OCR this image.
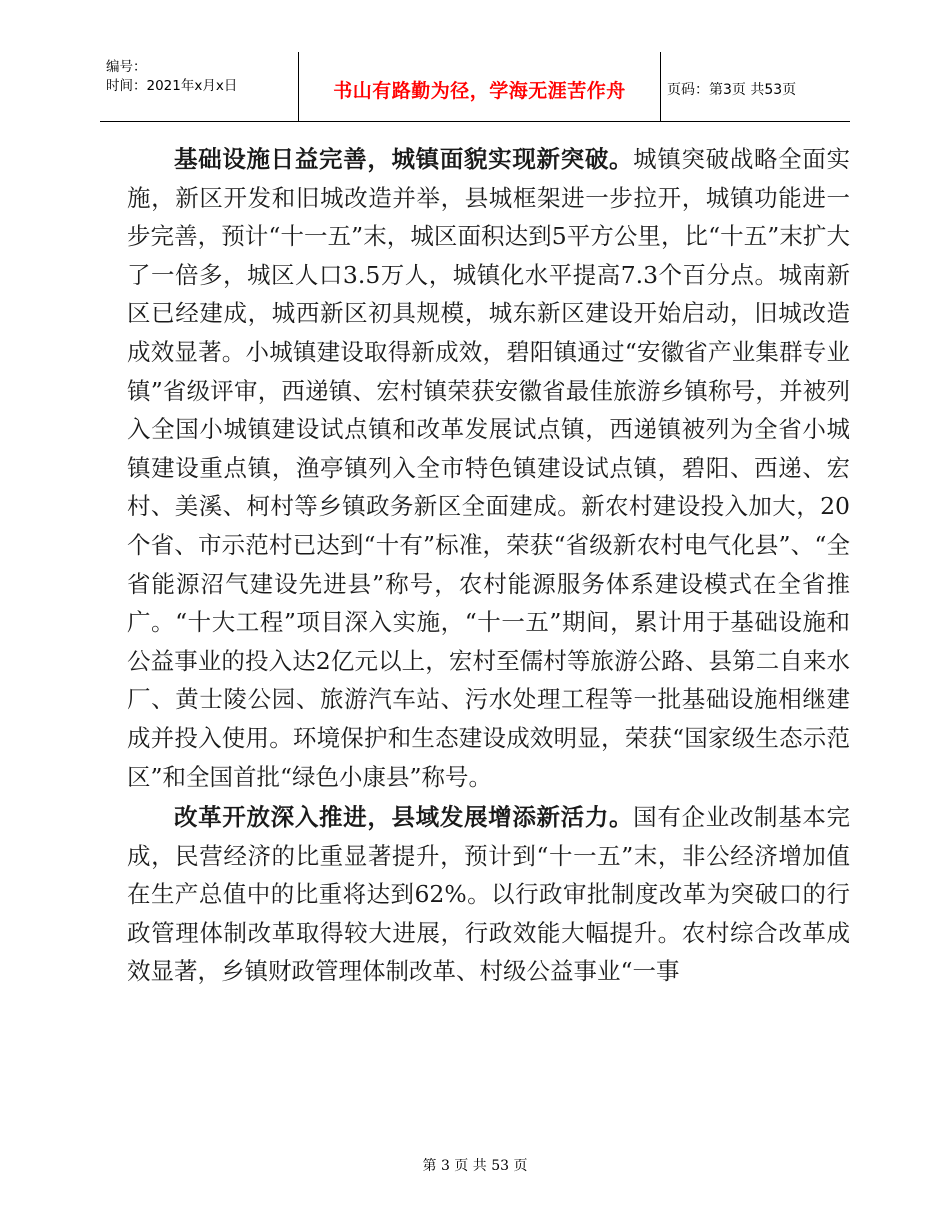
编号：
时间：2021年x月x日	书山有路勤为径，学海无涯苦作舟	页码：第3页 共53页

基础设施日益完善，城镇面貌实现新突破。城镇突破战略全面实施，新区开发和旧城改造并举，县城框架进一步拉开，城镇功能进一步完善，预计“十一五”末，城区面积达到5平方公里，比“十五”末扩大了一倍多，城区人口3.5万人，城镇化水平提高7.3个百分点。城南新区已经建成，城西新区初具规模，城东新区建设开始启动，旧城改造成效显著。小城镇建设取得新成效，碧阳镇通过“安徽省产业集群专业镇”省级评审，西递镇、宏村镇荣获安徽省最佳旅游乡镇称号，并被列入全国小城镇建设试点镇和改革发展试点镇，西递镇被列为全省小城镇建设重点镇，渔亭镇列入全市特色镇建设试点镇，碧阳、西递、宏村、美溪、柯村等乡镇政务新区全面建成。新农村建设投入加大，20个省、市示范村已达到“十有”标准，荣获“省级新农村电气化县”、“全省能源沼气建设先进县”称号，农村能源服务体系建设模式在全省推广。“十大工程”项目深入实施，“十一五”期间，累计用于基础设施和公益事业的投入达2亿元以上，宏村至儒村等旅游公路、县第二自来水厂、黄士陵公园、旅游汽车站、污水处理工程等一批基础设施相继建成并投入使用。环境保护和生态建设成效明显，荣获“国家级生态示范区”和全国首批“绿色小康县”称号。

改革开放深入推进，县域发展增添新活力。国有企业改制基本完成，民营经济的比重显著提升，预计到“十一五”末，非公经济增加值在生产总值中的比重将达到62%。以行政审批制度改革为突破口的行政管理体制改革取得较大进展，行政效能大幅提升。农村综合改革成效显著，乡镇财政管理体制改革、村级公益事业“一事

第 3 页 共 53 页
